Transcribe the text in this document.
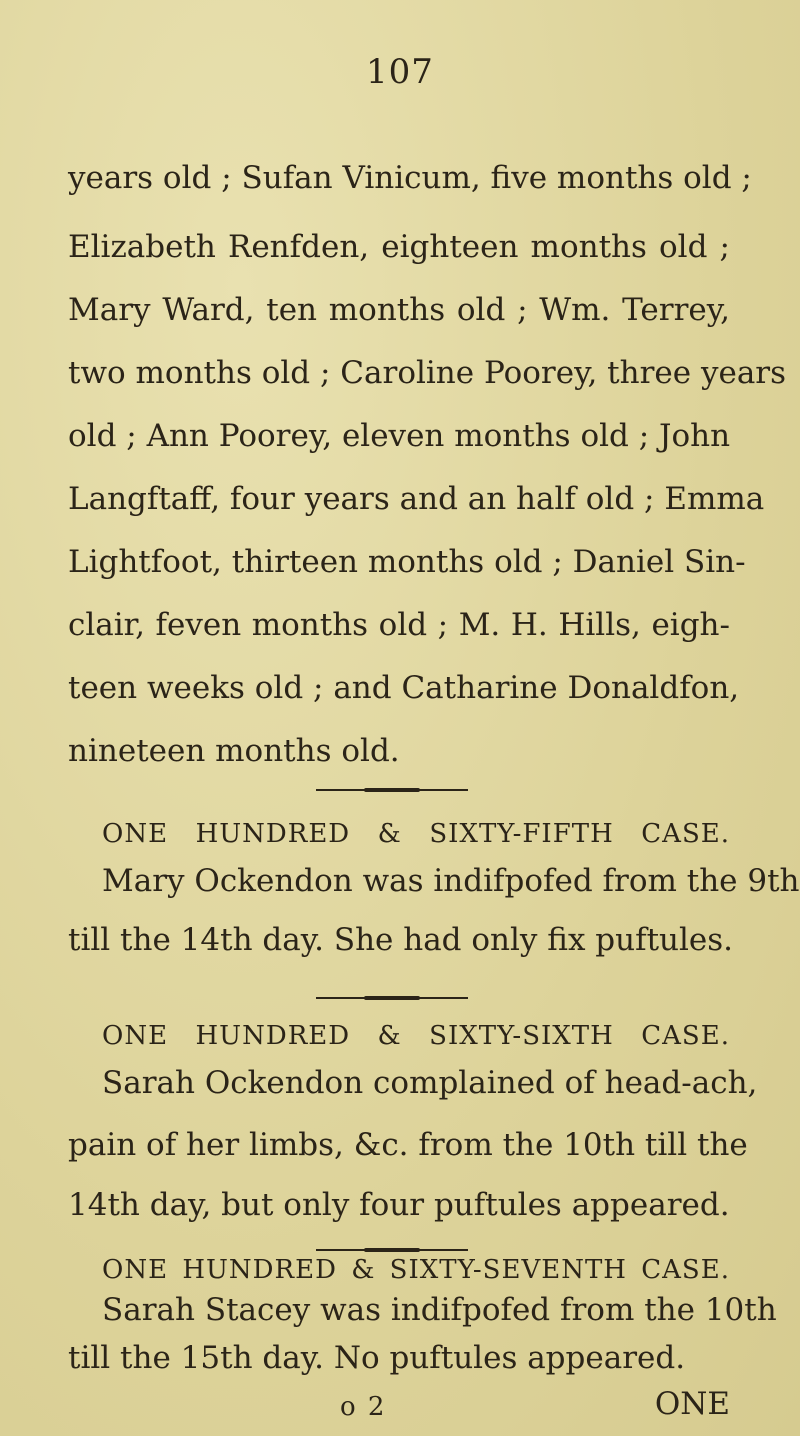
107
years old ; Sufan Vinicum, five months old ;
Elizabeth Renfden, eighteen months old ;
Mary Ward, ten months old ; Wm. Terrey,
two months old ; Caroline Poorey, three years
old ; Ann Poorey, eleven months old ; John
Langftaff, four years and an half old ; Emma
Lightfoot, thirteen months old ; Daniel Sin-
clair, feven months old ; M. H. Hills, eigh-
teen weeks old ; and Catharine Donaldfon,
nineteen months old.
ONE HUNDRED & SIXTY-FIFTH CASE.
Mary Ockendon was indifpofed from the 9th
till the 14th day. She had only fix puftules.
ONE HUNDRED & SIXTY-SIXTH CASE.
Sarah Ockendon complained of head-ach,
pain of her limbs, &c. from the 10th till the
14th day, but only four puftules appeared.
ONE HUNDRED & SIXTY-SEVENTH CASE.
Sarah Stacey was indifpofed from the 10th
till the 15th day. No puftules appeared.
o 2	ONE
